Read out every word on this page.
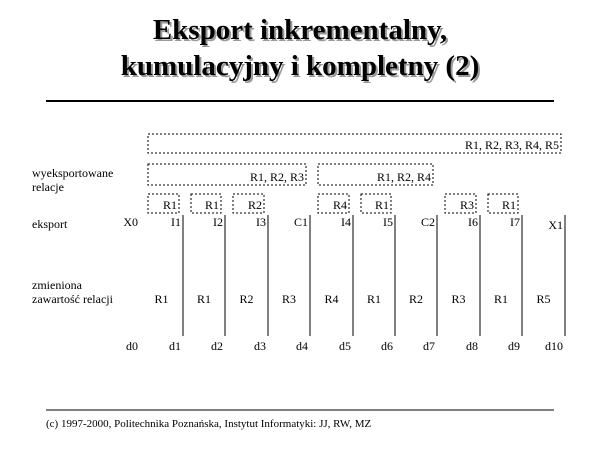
Eksport inkrementalny,
kumulacyjny i kompletny (2)
wyeksportowane
relacje
eksport
zmieniona
zawartość relacji
R1, R2, R3, R4, R5
R1, R2, R3	R1, R2, R4
R1 R1 R2	R4 R1	R3 R1
X0	I1	I2	I3 C1	I4	I5 C2	I6	I7 X1
R1 R1 R2 R3 R4 R1 R2 R3 R1 R5
d0	d1	d2	d3	d4	d5	d6	d7	d8	d9 d10
(c) 1997-2000, Politechnika Poznańska, Instytut Informatyki: JJ, RW, MZ
